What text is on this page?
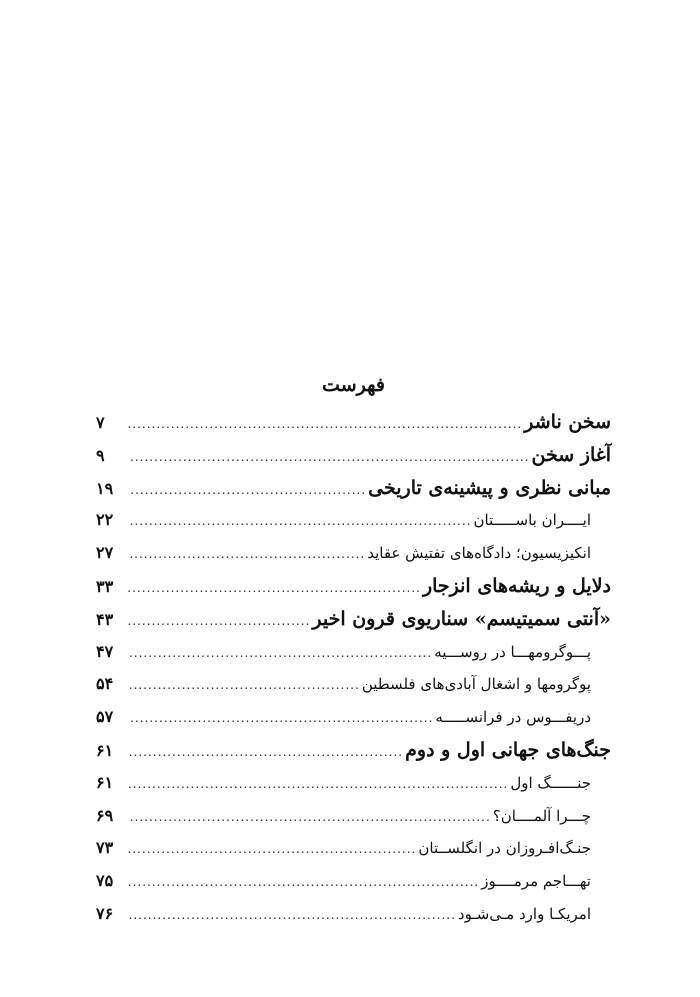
فهرست
سخن ناشر
.....
۷
آغاز سخن
.....
۹
مبانی نظری و پیشینه‌ی تاریخی
.....
۱۹
ایــــران باســـــتان
.....
۲۲
انکیزیسیون؛ دادگاه‌های تفتیش عقاید
.....
۲۷
دلایل و ریشه‌های انزجار
.....
۳۳
«آنتی سمیتیسم» سناریوی قرون اخیر
.....
۴۳
پـــوگرومهـــا در روســـیه
.....
۴۷
پوگرومها و اشغال آبادی‌های فلسطین
.....
۵۴
دریفـــوس در فرانســـــه
.....
۵۷
جنگ‌های جهانی اول و دوم
.....
۶۱
جنــــــگ اول
.....
۶۱
چـــرا آلمــــان؟
.....
۶۹
جنـگ‌افـروزان در انگلســتان
.....
۷۳
تهـــاجم مرمــــوز
.....
۷۵
امریکـا وارد مـی‌شـود
.....
۷۶
